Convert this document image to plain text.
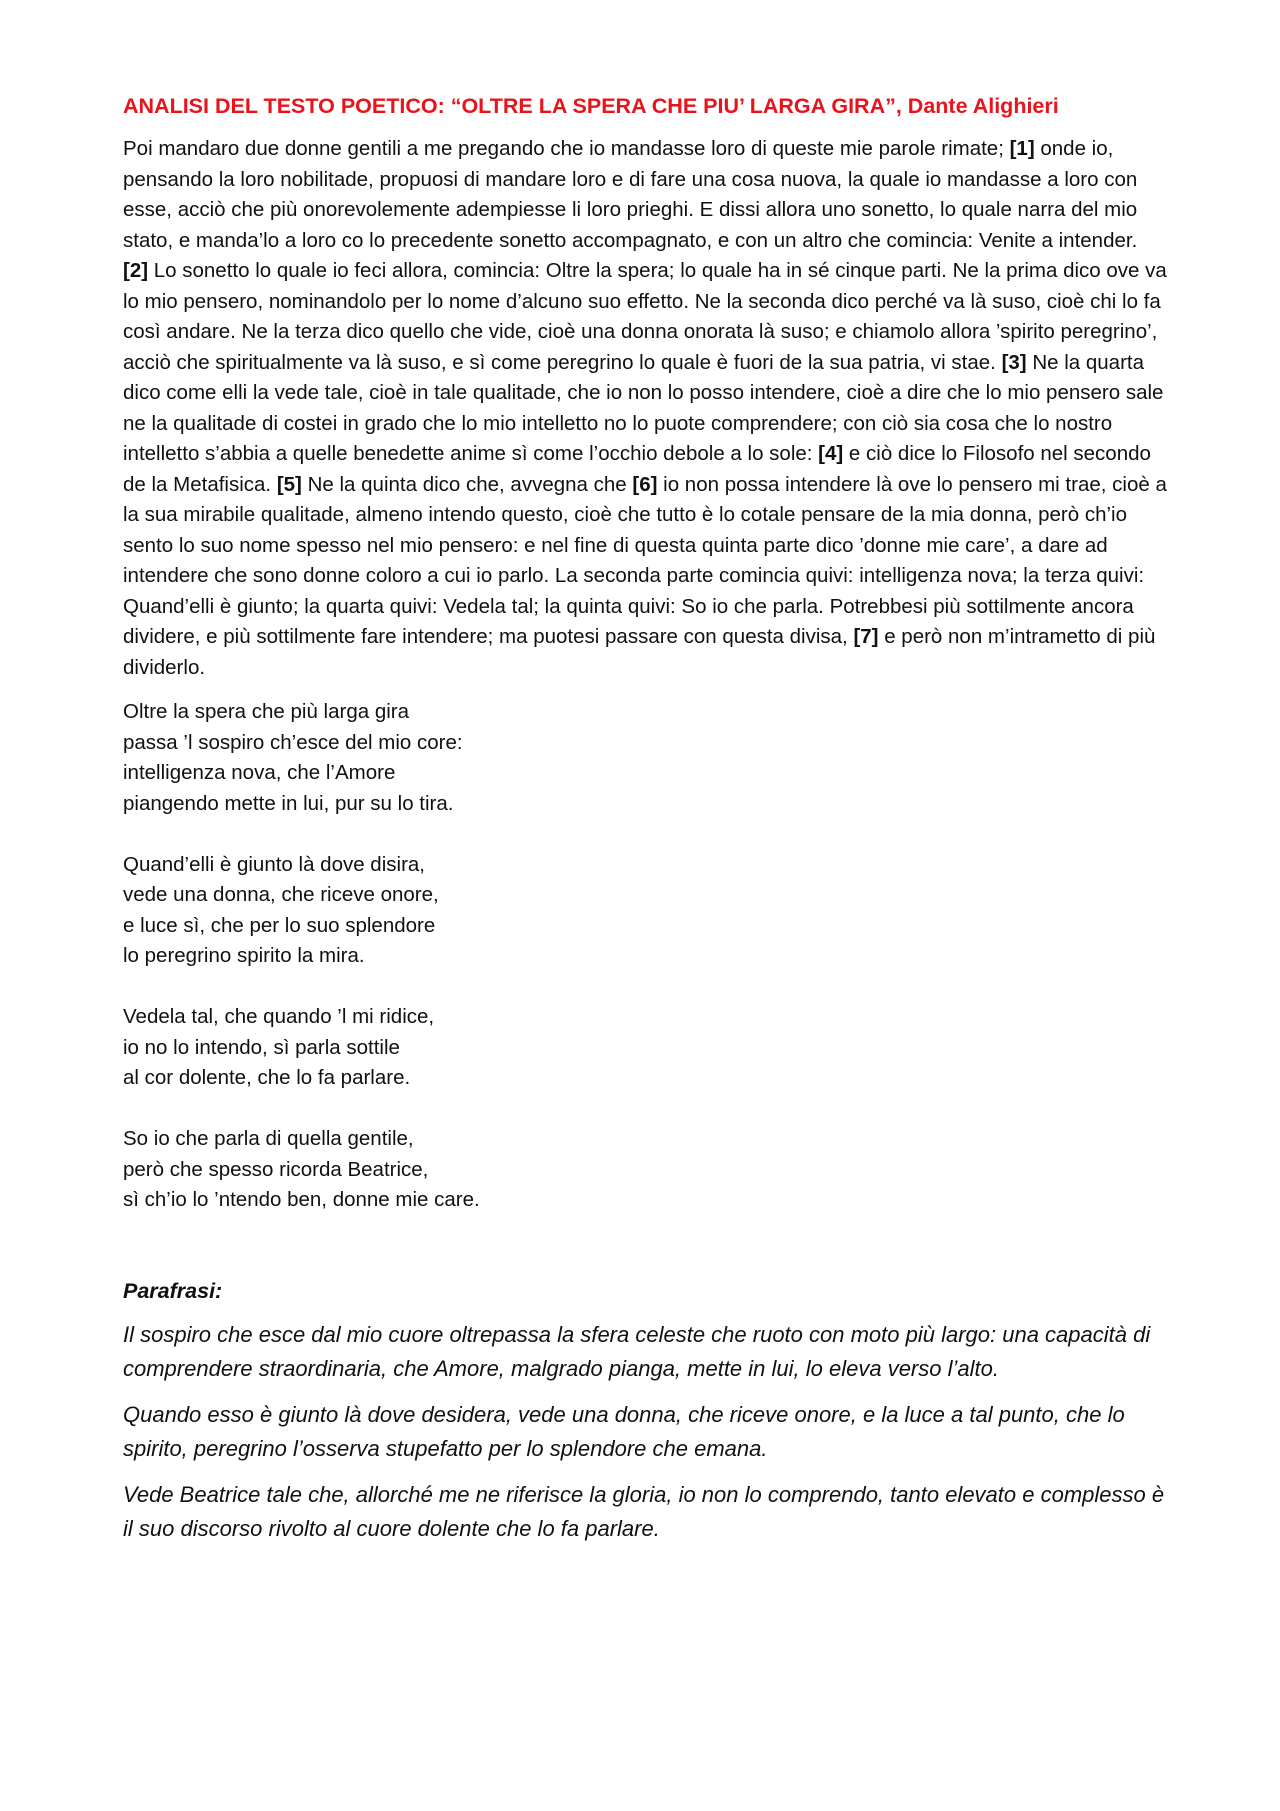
ANALISI DEL TESTO POETICO: “OLTRE LA SPERA CHE PIU’ LARGA GIRA”, Dante Alighieri

Poi mandaro due donne gentili a me pregando che io mandasse loro di queste mie parole rimate; [1] onde io, pensando la loro nobilitade, propuosi di mandare loro e di fare una cosa nuova, la quale io mandasse a loro con esse, acciò che più onorevolemente adempiesse li loro prieghi. E dissi allora uno sonetto, lo quale narra del mio stato, e manda’lo a loro co lo precedente sonetto accompagnato, e con un altro che comincia: Venite a intender. [2] Lo sonetto lo quale io feci allora, comincia: Oltre la spera; lo quale ha in sé cinque parti. Ne la prima dico ove va lo mio pensero, nominandolo per lo nome d’alcuno suo effetto. Ne la seconda dico perché va là suso, cioè chi lo fa così andare. Ne la terza dico quello che vide, cioè una donna onorata là suso; e chiamolo allora ’spirito peregrino’, acciò che spiritualmente va là suso, e sì come peregrino lo quale è fuori de la sua patria, vi stae. [3] Ne la quarta dico come elli la vede tale, cioè in tale qualitade, che io non lo posso intendere, cioè a dire che lo mio pensero sale ne la qualitade di costei in grado che lo mio intelletto no lo puote comprendere; con ciò sia cosa che lo nostro intelletto s’abbia a quelle benedette anime sì come l’occhio debole a lo sole: [4] e ciò dice lo Filosofo nel secondo de la Metafisica. [5] Ne la quinta dico che, avvegna che [6] io non possa intendere là ove lo pensero mi trae, cioè a la sua mirabile qualitade, almeno intendo questo, cioè che tutto è lo cotale pensare de la mia donna, però ch’io sento lo suo nome spesso nel mio pensero: e nel fine di questa quinta parte dico ’donne mie care’, a dare ad intendere che sono donne coloro a cui io parlo. La seconda parte comincia quivi: intelligenza nova; la terza quivi: Quand’elli è giunto; la quarta quivi: Vedela tal; la quinta quivi: So io che parla. Potrebbesi più sottilmente ancora dividere, e più sottilmente fare intendere; ma puotesi passare con questa divisa, [7] e però non m’intrametto di più dividerlo.

Oltre la spera che più larga gira
passa ’l sospiro ch’esce del mio core:
intelligenza nova, che l’Amore
piangendo mette in lui, pur su lo tira.
Quand’elli è giunto là dove disira,
vede una donna, che riceve onore,
e luce sì, che per lo suo splendore
lo peregrino spirito la mira.
Vedela tal, che quando ’l mi ridice,
io no lo intendo, sì parla sottile
al cor dolente, che lo fa parlare.
So io che parla di quella gentile,
però che spesso ricorda Beatrice,
sì ch’io lo ’ntendo ben, donne mie care.
Parafrasi:

Il sospiro che esce dal mio cuore oltrepassa la sfera celeste che ruoto con moto più largo: una capacità di comprendere straordinaria, che Amore, malgrado pianga, mette in lui, lo eleva verso l’alto.

Quando esso è giunto là dove desidera, vede una donna, che riceve onore, e la luce a tal punto, che lo spirito, peregrino l’osserva stupefatto per lo splendore che emana.

Vede Beatrice tale che, allorché me ne riferisce la gloria, io non lo comprendo, tanto elevato e complesso è il suo discorso rivolto al cuore dolente che lo fa parlare.
